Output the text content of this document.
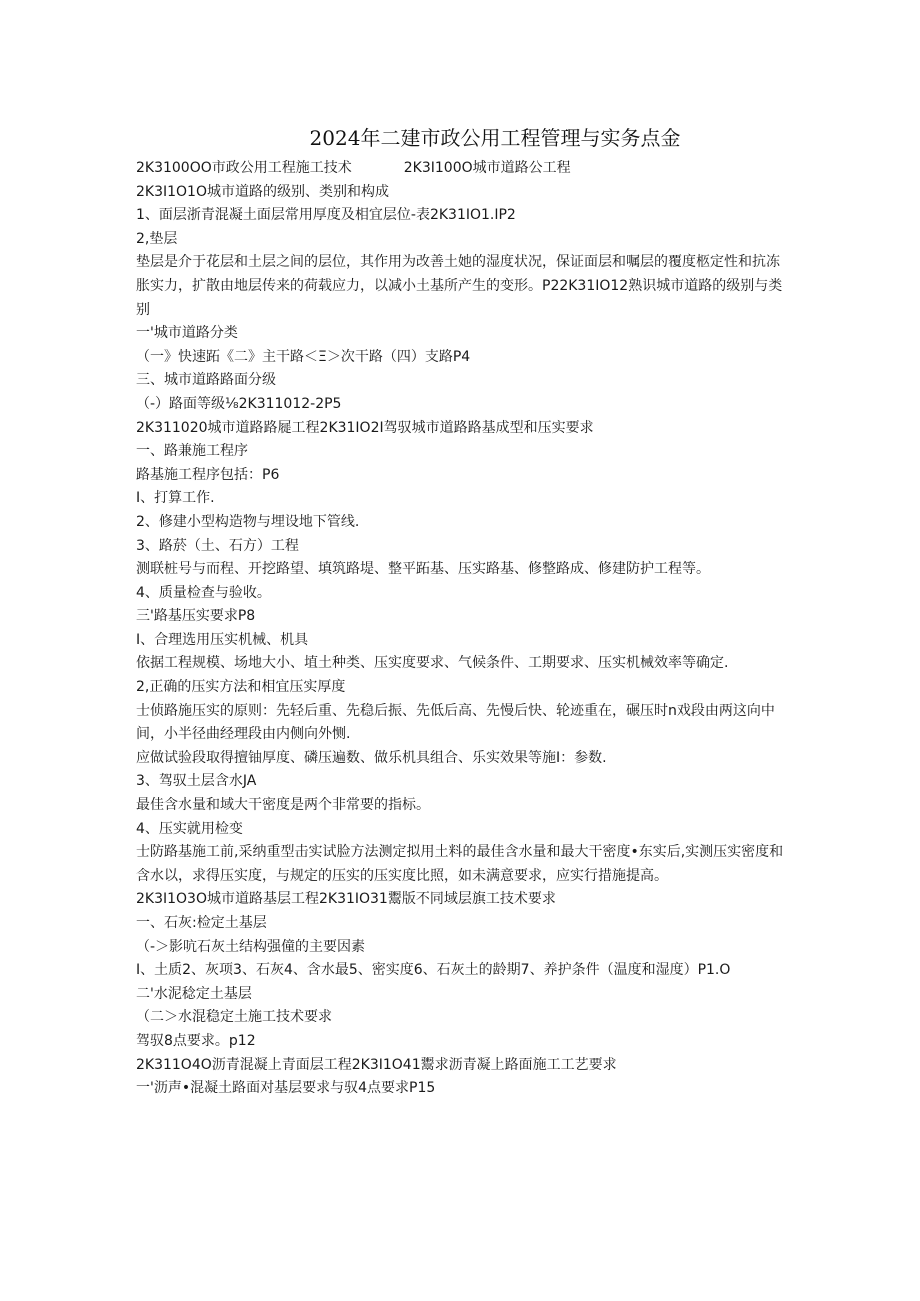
2024年二建市政公用工程管理与实务点金
2K3100OO市政公用工程施工技术	2K3I100O城市道路公工程
2K3I1O1O城市道路的级别、类别和构成
1、面层浙青混凝土面层常用厚度及相宜层位-表2K31IO1.IP2
2,垫层
垫层是介于花层和土层之间的层位，其作用为改善土她的湿度状况，保证面层和嘱层的覆度柩定性和抗冻胀实力，扩散由地层传来的荷载应力，以减小土基所产生的变形。P22K31IO12熟识城市道路的级别与类别
一'城市道路分类
（一》快速跖《二》主干路＜Ξ＞次干路（四）支路P4
三、城市道路路面分级
（-）路面等级⅛2K311012-2P5
2K311020城市道路路屣工程2K31IO2I驾驭城市道路路基成型和压实要求
一、路兼施工程序
路基施工程序包括：P6
I、打算工作.
2、修建小型构造物与埋设地下管线.
3、路菸（土、石方）工程
测联桩号与而程、开挖路望、填筑路堤、整平跖基、压实路基、修整路成、修建防护工程等。
4、质量检查与验收。
三'路基压实要求P8
I、合理选用压实机械、机具
依据工程规模、场地大小、埴土种类、压实度要求、气候条件、工期要求、压实机械效率等确定.
2,正确的压实方法和相宜压实厚度
士侦路施压实的原则：先轻后重、先稳后振、先低后高、先慢后快、轮迹重在，碾压时n戏段由两这向中间，小半径曲经理段由内侧向外恻.
应做试验段取得擅铀厚度、磷压遍数、做乐机具组合、乐实效果等施I：参数.
3、驾驭土层含水JA
最佳含水量和域大干密度是两个非常要的指标。
4、压实就用检变
士防路基施工前,采纳重型击实试脸方法测定拟用土料的最佳含水量和最大干密度•东实后,实测压实密度和含水以，求得压实度，与规定的压实的压实度比照，如未满意要求，应实行措施提高。
2K3I1O3O城市道路基层工程2K31IO31鬻版不同域层旗工技术要求
一、石灰:检定土基层
（-＞影吭石灰土结构强僮的主要因素
I、土质2、灰项3、石灰4、含水最5、密实度6、石灰土的龄期7、养护条件（温度和湿度）P1.O
二'水泥稔定土基层
（二＞水混稳定土施工技术要求
驾驭8点要求。p12
2K311O4O沥青混凝上青面层工程2K3I1O41鬻求沥青凝上路面施工工艺要求
一'沥声•混凝土路面对基层要求与驭4点要求P15
